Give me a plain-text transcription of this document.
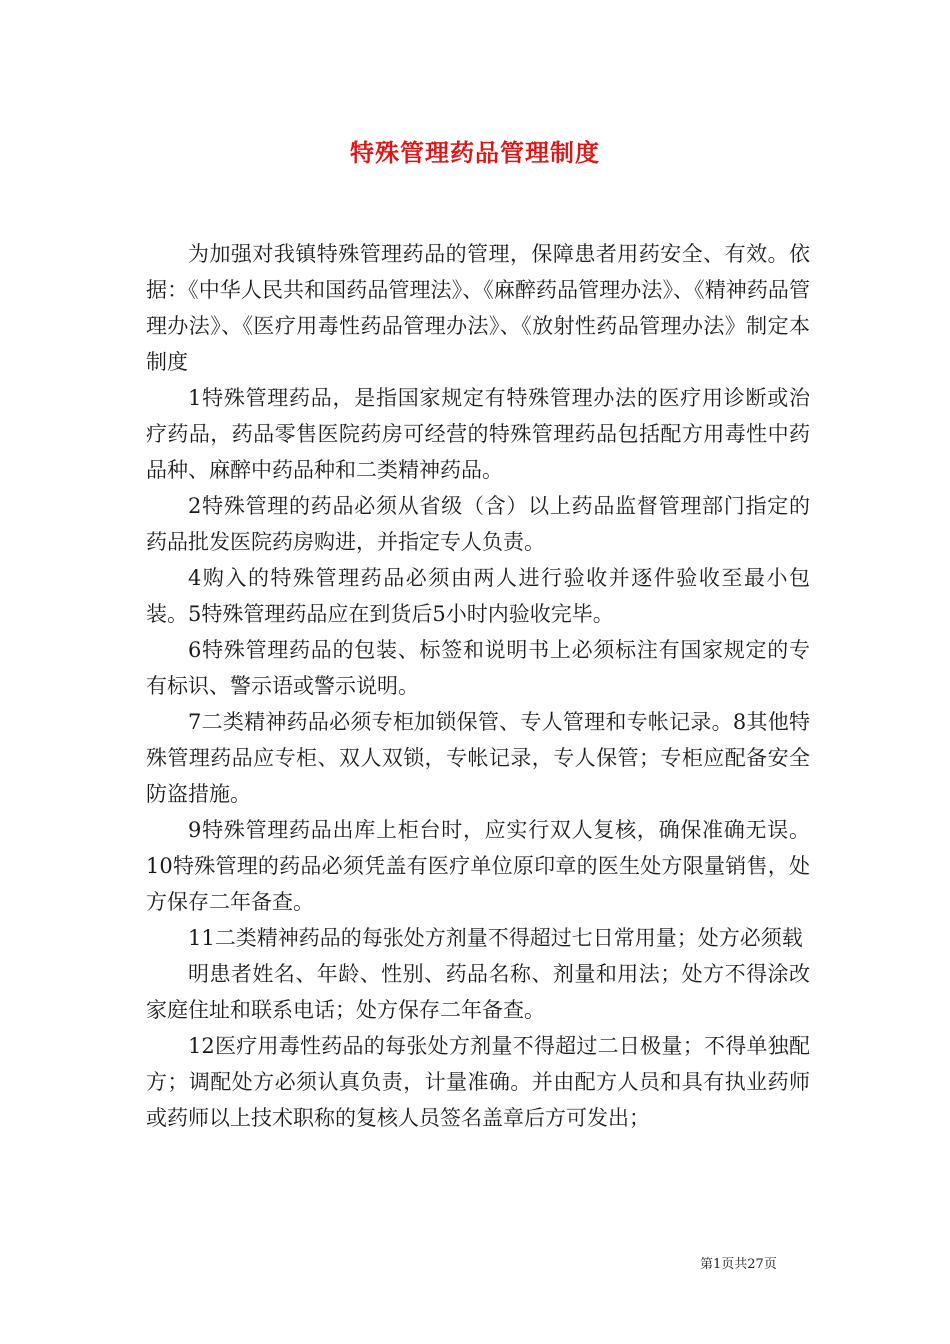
特殊管理药品管理制度

为加强对我镇特殊管理药品的管理，保障患者用药安全、有效。依据：《中华人民共和国药品管理法》、《麻醉药品管理办法》、《精神药品管理办法》、《医疗用毒性药品管理办法》、《放射性药品管理办法》制定本制度

1特殊管理药品，是指国家规定有特殊管理办法的医疗用诊断或治疗药品，药品零售医院药房可经营的特殊管理药品包括配方用毒性中药品种、麻醉中药品种和二类精神药品。

2特殊管理的药品必须从省级（含）以上药品监督管理部门指定的药品批发医院药房购进，并指定专人负责。

4购入的特殊管理药品必须由两人进行验收并逐件验收至最小包装。5特殊管理药品应在到货后5小时内验收完毕。

6特殊管理药品的包装、标签和说明书上必须标注有国家规定的专有标识、警示语或警示说明。

7二类精神药品必须专柜加锁保管、专人管理和专帐记录。8其他特殊管理药品应专柜、双人双锁，专帐记录，专人保管；专柜应配备安全防盗措施。

9特殊管理药品出库上柜台时，应实行双人复核，确保准确无误。10特殊管理的药品必须凭盖有医疗单位原印章的医生处方限量销售，处方保存二年备查。

11二类精神药品的每张处方剂量不得超过七日常用量；处方必须载

明患者姓名、年龄、性别、药品名称、剂量和用法；处方不得涂改家庭住址和联系电话；处方保存二年备查。

12医疗用毒性药品的每张处方剂量不得超过二日极量；不得单独配方；调配处方必须认真负责，计量准确。并由配方人员和具有执业药师或药师以上技术职称的复核人员签名盖章后方可发出；

第1页共27页
